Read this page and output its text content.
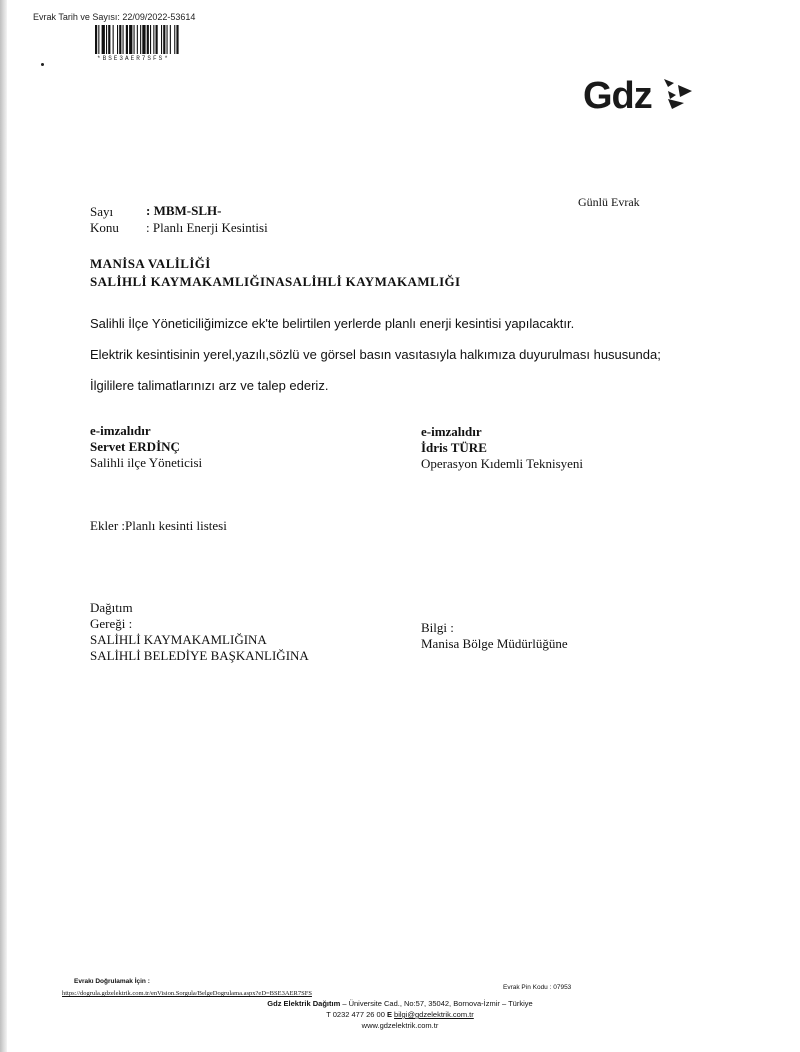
Evrak Tarih ve Sayısı: 22/09/2022-53614
*BSE3AER7SFS*
Gdz
Günlü Evrak
Sayı	: MBM-SLH-
Konu : Planlı Enerji Kesintisi
MANİSA VALİLİĞİ
SALİHLİ KAYMAKAMLIĞINASALİHLİ KAYMAKAMLIĞI
Salihli İlçe Yöneticiliğimizce ek'te belirtilen yerlerde planlı enerji kesintisi yapılacaktır.
Elektrik kesintisinin yerel,yazılı,sözlü ve görsel basın vasıtasıyla halkımıza duyurulması hususunda;
İlgililere talimatlarınızı arz ve talep ederiz.
e-imzalıdır
Servet ERDİNÇ
Salihli ilçe Yöneticisi
e-imzalıdır
İdris TÜRE
Operasyon Kıdemli Teknisyeni
Ekler :Planlı kesinti listesi
Dağıtım
Gereği :
SALİHLİ KAYMAKAMLIĞINA
SALİHLİ BELEDİYE BAŞKANLIĞINA
Bilgi :
Manisa Bölge Müdürlüğüne
Evrakı Doğrulamak İçin :
https://dogrula.gdzelektrik.com.tr/enVision.Sorgula/BelgeDogrulama.aspx?eD=BSE3AER7SFS
Evrak Pin Kodu : 07953
Gdz Elektrik Dağıtım – Üniversite Cad., No:57, 35042, Bornova-İzmir – Türkiye
T 0232 477 26 00 E bilgi@gdzelektrik.com.tr
www.gdzelektrik.com.tr
